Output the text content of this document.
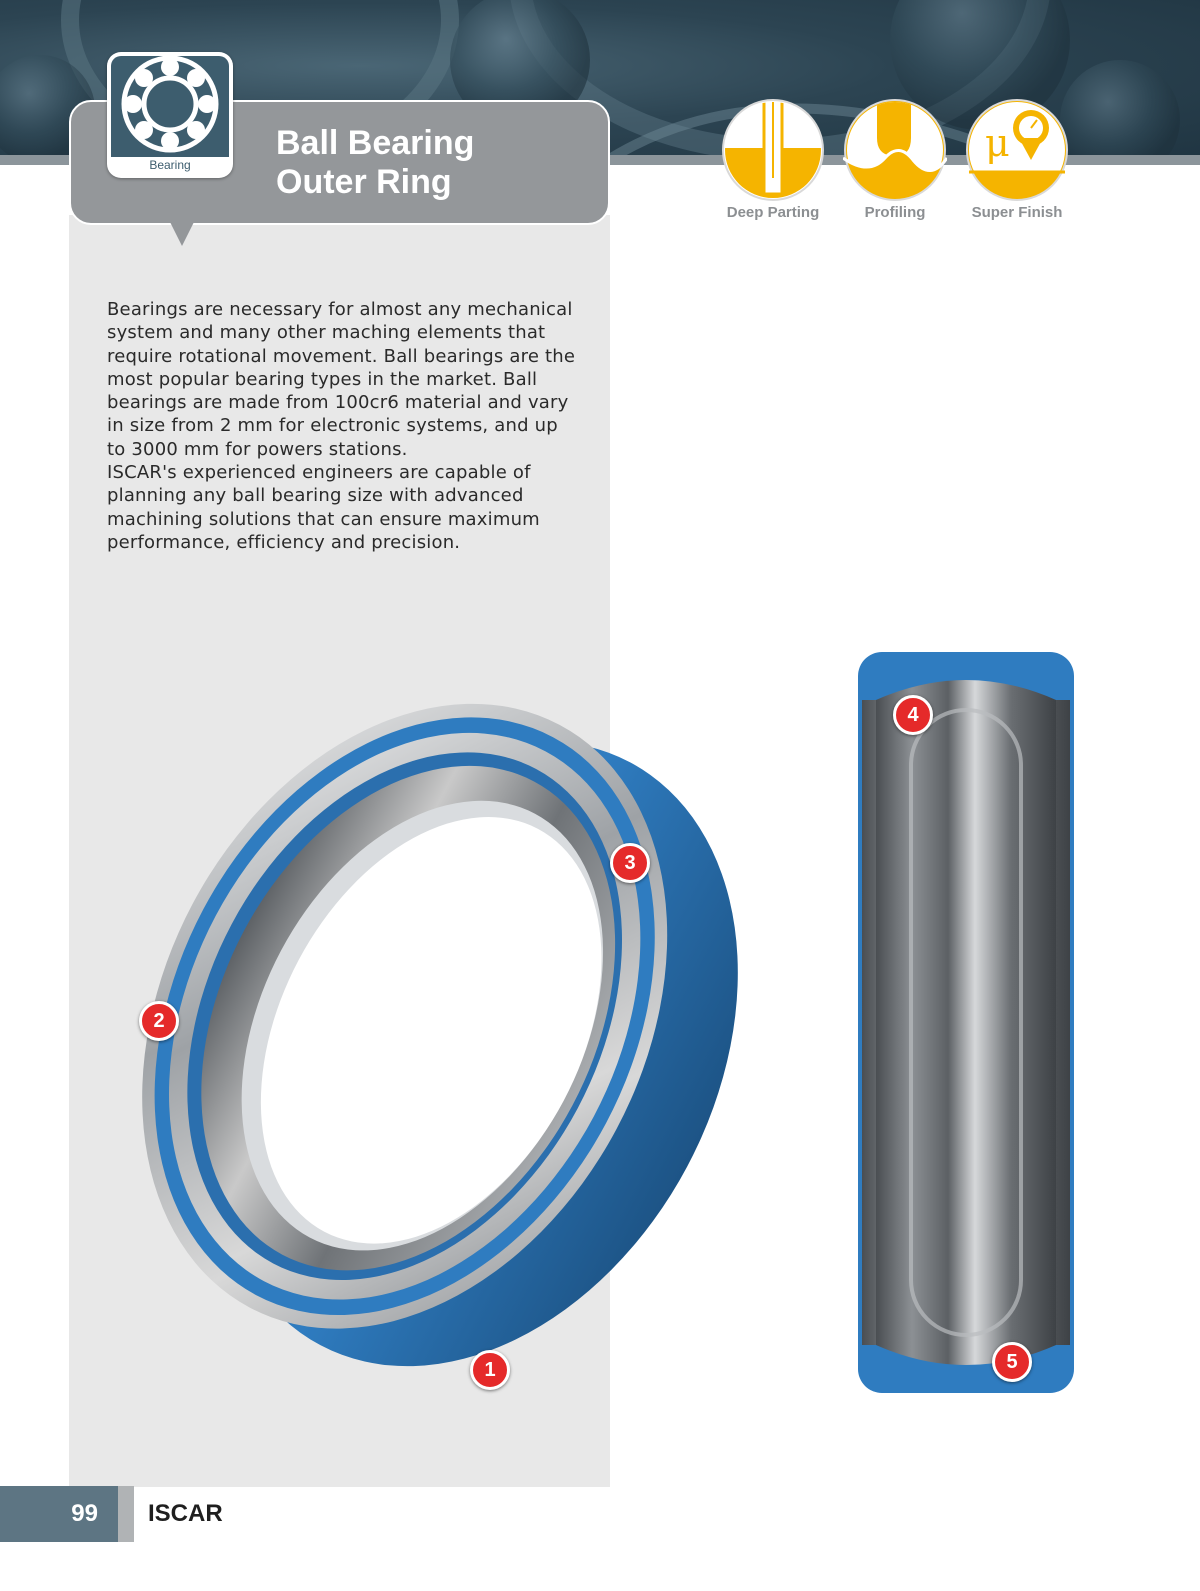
Ball Bearing
Outer Ring
Bearing
Deep Parting	Profiling
μ
Super Finish

Bearings are necessary for almost any mechanical system and many other maching elements that require rotational movement. Ball bearings are the most popular bearing types in the market. Ball bearings are made from 100cr6 material and vary in size from 2 mm for electronic systems, and up to 3000 mm for powers stations.

ISCAR's experienced engineers are capable of planning any ball bearing size with advanced machining solutions that can ensure maximum performance, efficiency and precision.

1
2
3
4
5
99	ISCAR
